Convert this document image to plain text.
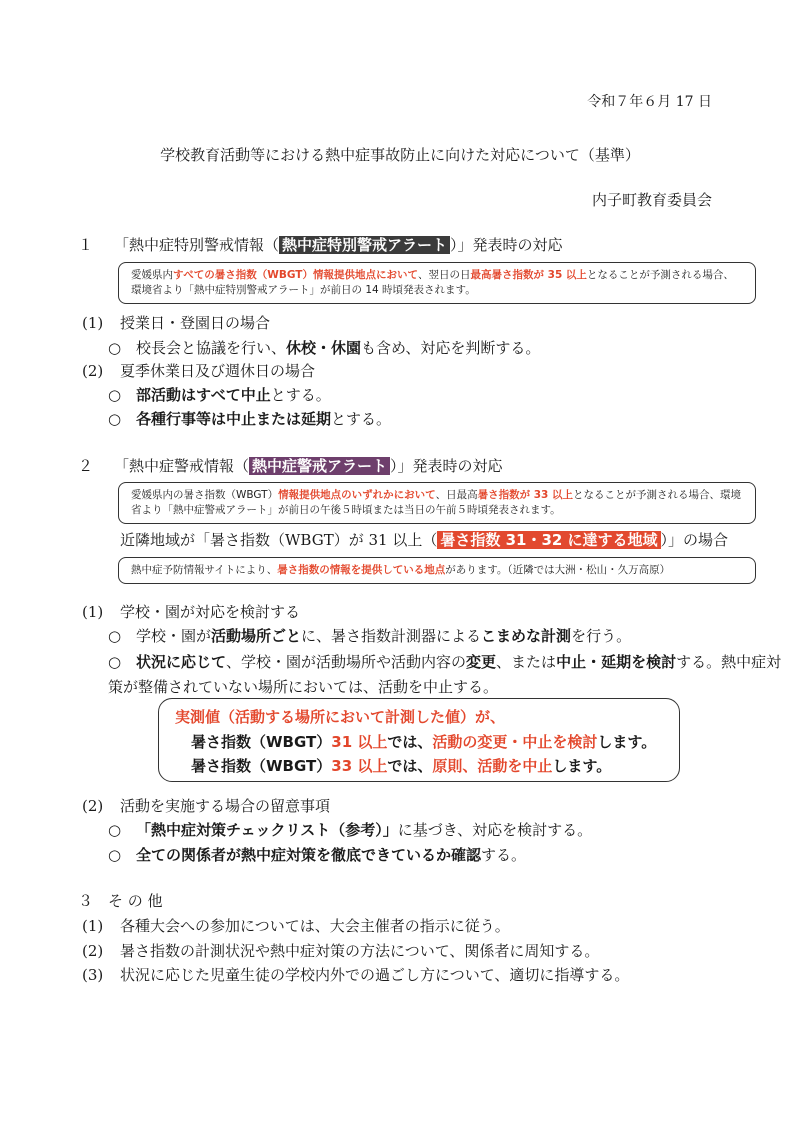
令和７年６月 17 日
学校教育活動等における熱中症事故防止に向けた対応について（基準）
内子町教育委員会
１ 「熱中症特別警戒情報（ 熱中症特別警戒アラート ）」発表時の対応
愛媛県内すべての暑さ指数（WBGT）情報提供地点において、翌日の日最高暑さ指数が 35 以上となることが予測される場合、環境省より「熱中症特別警戒アラート」が前日の 14 時頃発表されます。
(1) 授業日・登園日の場合
○ 校長会と協議を行い、休校・休園も含め、対応を判断する。
(2) 夏季休業日及び週休日の場合
○ 部活動はすべて中止とする。
○ 各種行事等は中止または延期とする。
２ 「熱中症警戒情報（ 熱中症警戒アラート ）」発表時の対応
愛媛県内の暑さ指数（WBGT）情報提供地点のいずれかにおいて、日最高暑さ指数が 33 以上となることが予測される場合、環境省より「熱中症警戒アラート」が前日の午後５時頃または当日の午前５時頃発表されます。
近隣地域が「暑さ指数（WBGT）が 31 以上（ 暑さ指数 31・32 に達する地域 ）」の場合
熱中症予防情報サイトにより、暑さ指数の情報を提供している地点があります。（近隣では大洲・松山・久万高原）
(1) 学校・園が対応を検討する
○ 学校・園が活動場所ごとに、暑さ指数計測器によるこまめな計測を行う。
○ 状況に応じて、学校・園が活動場所や活動内容の変更、または中止・延期を検討する。熱中症対策が整備されていない場所においては、活動を中止する。
実測値（活動する場所において計測した値）が、
暑さ指数（WBGT）31 以上では、活動の変更・中止を検討します。
暑さ指数（WBGT）33 以上では、原則、活動を中止します。
(2) 活動を実施する場合の留意事項
○ 「熱中症対策チェックリスト（参考）」に基づき、対応を検討する。
○ 全ての関係者が熱中症対策を徹底できているか確認する。
３ そ の 他
(1) 各種大会への参加については、大会主催者の指示に従う。
(2) 暑さ指数の計測状況や熱中症対策の方法について、関係者に周知する。
(3) 状況に応じた児童生徒の学校内外での過ごし方について、適切に指導する。
